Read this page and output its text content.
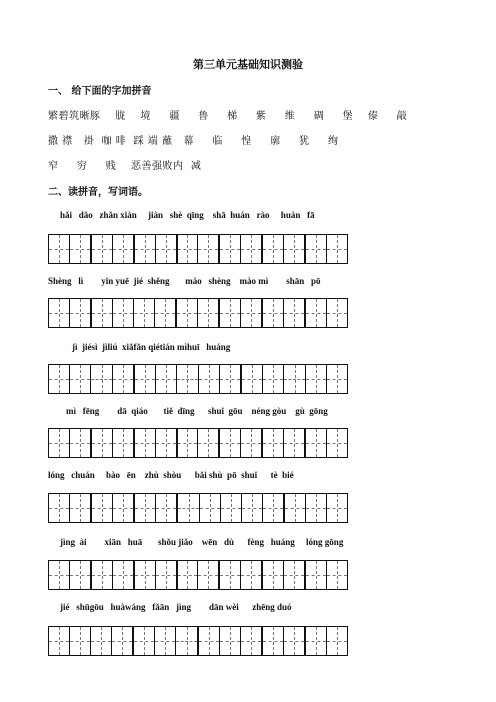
第三单元基础知识测验
一、 给下面的字加拼音
繁碧筑晰豚    胧    境     疆     鲁     梯     紫     维     碉     堡    傣     敲
撒 襟   褂  咖 啡  踩 端 蘸   幕     临     惶     廓     犹     绚
窄     穷     贱    恶善强败内  减
二、读拼音，写词语。
hǎi   dǎo   zhǎn xiàn     jiàn   shè  qīng    shā  huán   rào     huàn   fā
Shèng   lì        yǐn yuē  jié  shěng       mào   shèng    mào mì        shān   pō
jì  jiésì  jìliú  xiǎfǎn qiétián mìhuī   huáng
mì   fēng        dā  qiáo       tiě  dīng      shuǐ  gōu    néng gòu    gù  gōng
lóng   chuán     bào   ēn    zhù  shòu      bǎi shù  pō  shuǐ      tè  bié
jìng  ài        xiān   huā       shǒu jiǎo    wēn   dù      fèng   huáng     lóng gōng
jié   shūgōu   huàwáng   fǎān   jìng        dān wèi      zhēng duó
